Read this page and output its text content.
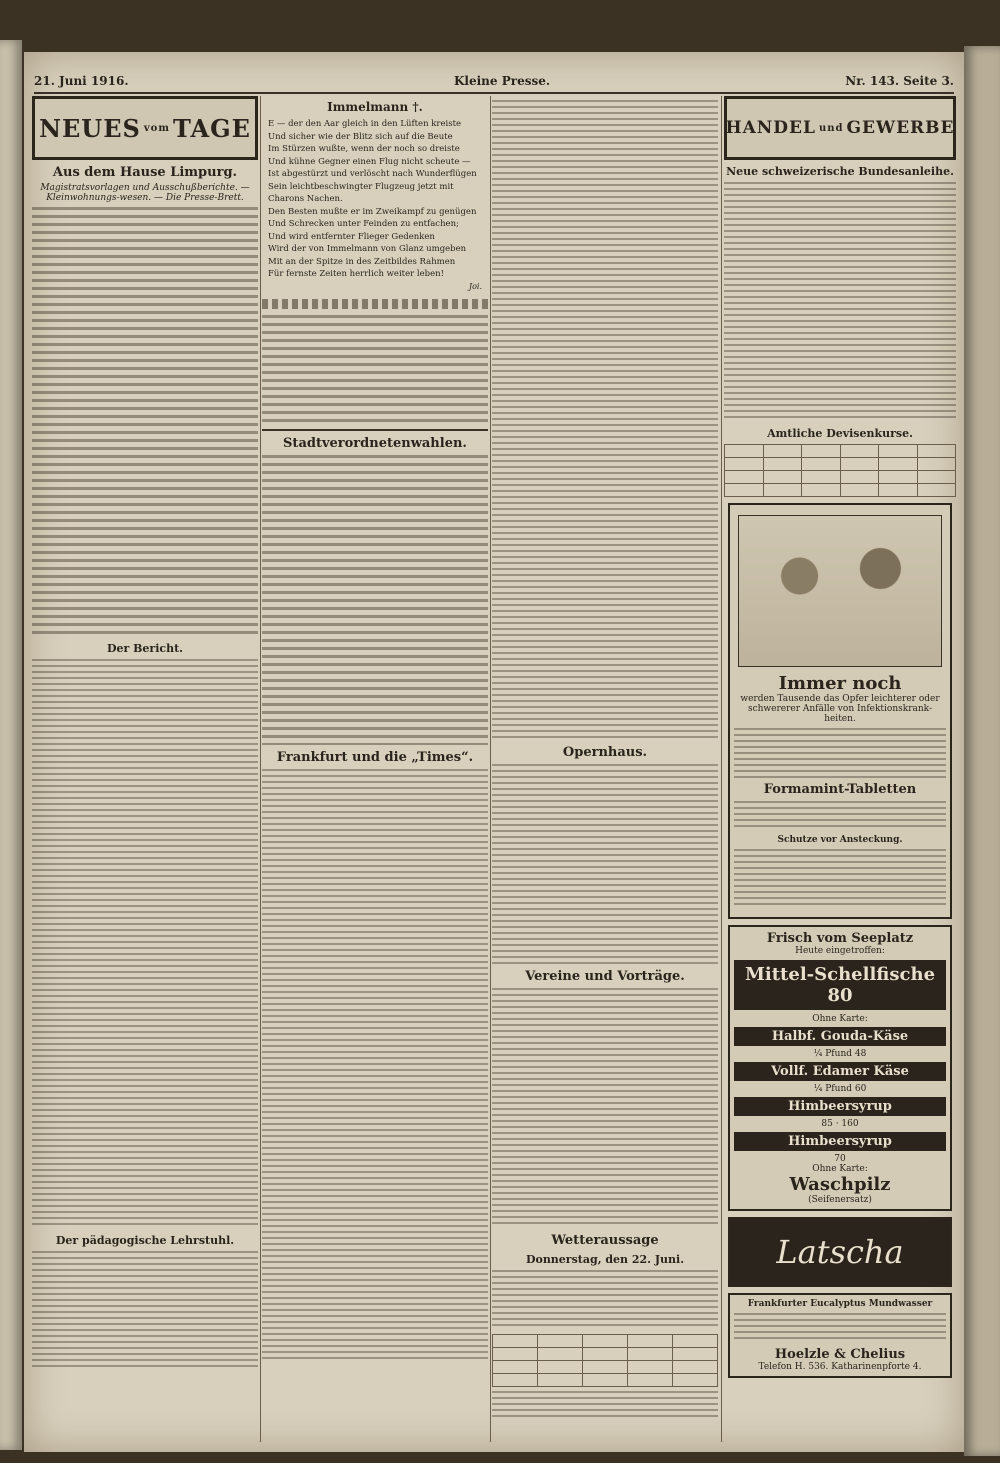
21. Juni 1916.	Kleine Presse.	Nr. 143. Seite 3.
NEUES vom TAGE
Aus dem Hause Limpurg.
Magistratsvorlagen und Ausschußberichte. — Kleinwohnungs-wesen. — Die Presse-Brett.
Der Bericht.
Der pädagogische Lehrstuhl.
Immelmann †.
E — der den Aar gleich in den Lüften kreiste
Und sicher wie der Blitz sich auf die Beute
Im Stürzen wußte, wenn der noch so dreiste
Und kühne Gegner einen Flug nicht scheute —
Ist abgestürzt und verlöscht nach Wunderflügen
Sein leichtbeschwingter Flugzeug jetzt mit Charons Nachen.
Den Besten mußte er im Zweikampf zu genügen
Und Schrecken unter Feinden zu entfachen;
Und wird entfernter Flieger Gedenken
Wird der von Immelmann von Glanz umgeben
Mit an der Spitze in des Zeitbildes Rahmen
Für fernste Zeiten herrlich weiter leben!
Joi.
Stadtverordnetenwahlen.
Frankfurt und die „Times“.	Opernhaus.
Vereine und Vorträge.
Wetteraussage
Donnerstag, den 22. Juni.

HANDEL und GEWERBE
Neue schweizerische Bundesanleihe.
Amtliche Devisenkurse.

Immer noch
werden Tausende das Opfer leichterer oder schwererer Anfälle von Infektionskrank-heiten.
Formamint-Tabletten
Schutze vor Ansteckung.
Frisch vom Seeplatz
Heute eingetroffen:
Mittel-Schellfische 80
Ohne Karte:
Halbf. Gouda-Käse
¼ Pfund 48
Vollf. Edamer Käse
¼ Pfund 60
Himbeersyrup
85 · 160
Himbeersyrup
70
Ohne Karte:
Waschpilz
(Seifenersatz)
Latscha
Frankfurter Eucalyptus Mundwasser
Hoelzle & Chelius
Telefon H. 536. Katharinenpforte 4.
